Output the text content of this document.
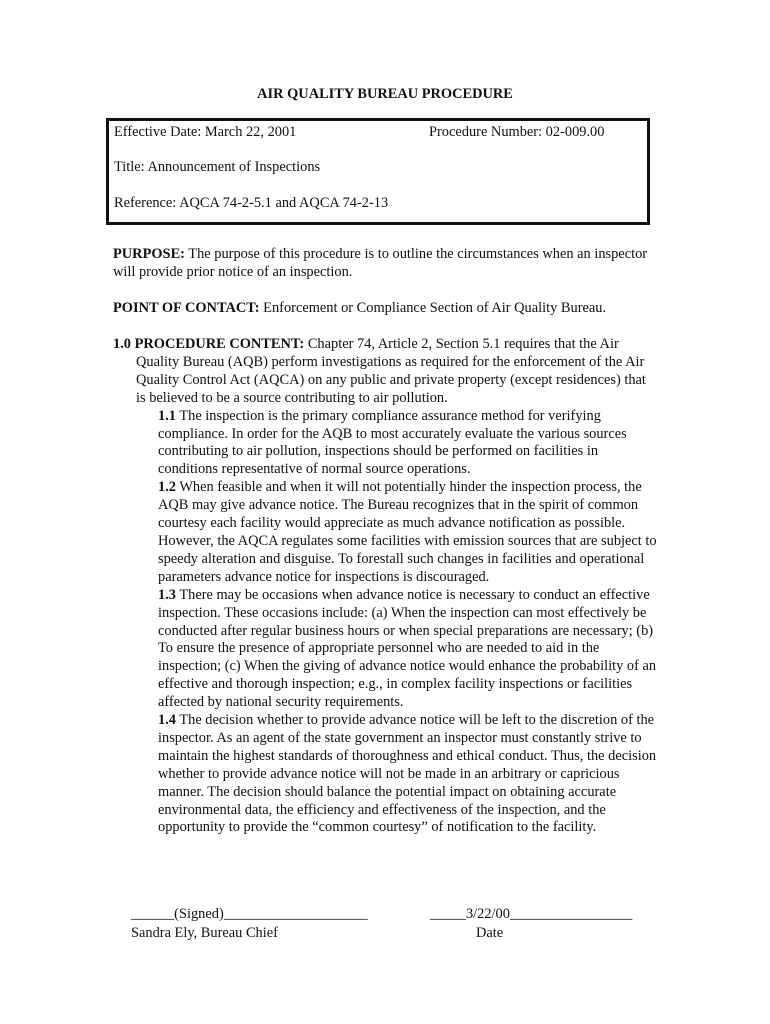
AIR QUALITY BUREAU PROCEDURE
Effective Date: March 22, 2001	Procedure Number: 02-009.00
Title: Announcement of Inspections
Reference: AQCA 74-2-5.1 and AQCA 74-2-13
PURPOSE: The purpose of this procedure is to outline the circumstances when an inspector will provide prior notice of an inspection.
POINT OF CONTACT: Enforcement or Compliance Section of Air Quality Bureau.
1.0 PROCEDURE CONTENT: Chapter 74, Article 2, Section 5.1 requires that the Air Quality Bureau (AQB) perform investigations as required for the enforcement of the Air Quality Control Act (AQCA) on any public and private property (except residences) that is believed to be a source contributing to air pollution.
1.1 The inspection is the primary compliance assurance method for verifying compliance. In order for the AQB to most accurately evaluate the various sources contributing to air pollution, inspections should be performed on facilities in conditions representative of normal source operations.
1.2 When feasible and when it will not potentially hinder the inspection process, the AQB may give advance notice. The Bureau recognizes that in the spirit of common courtesy each facility would appreciate as much advance notification as possible. However, the AQCA regulates some facilities with emission sources that are subject to speedy alteration and disguise. To forestall such changes in facilities and operational parameters advance notice for inspections is discouraged.
1.3 There may be occasions when advance notice is necessary to conduct an effective inspection. These occasions include: (a) When the inspection can most effectively be conducted after regular business hours or when special preparations are necessary; (b) To ensure the presence of appropriate personnel who are needed to aid in the inspection; (c) When the giving of advance notice would enhance the probability of an effective and thorough inspection; e.g., in complex facility inspections or facilities affected by national security requirements.
1.4 The decision whether to provide advance notice will be left to the discretion of the inspector. As an agent of the state government an inspector must constantly strive to maintain the highest standards of thoroughness and ethical conduct. Thus, the decision whether to provide advance notice will not be made in an arbitrary or capricious manner. The decision should balance the potential impact on obtaining accurate environmental data, the efficiency and effectiveness of the inspection, and the opportunity to provide the “common courtesy” of notification to the facility.
______(Signed)____________________
Sandra Ely, Bureau Chief
_____3/22/00_________________
Date
